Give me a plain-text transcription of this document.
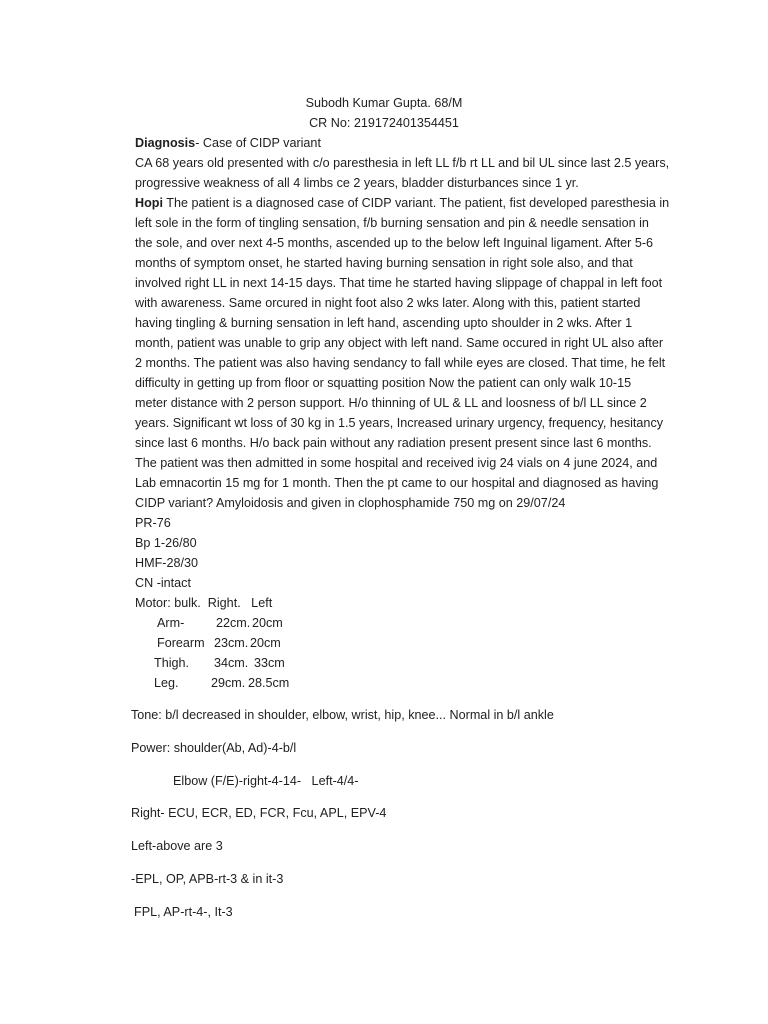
Subodh Kumar Gupta. 68/M
CR No: 219172401354451
Diagnosis- Case of CIDP variant
CA 68 years old presented with c/o paresthesia in left LL f/b rt LL and bil UL since last 2.5 years,
progressive weakness of all 4 limbs ce 2 years, bladder disturbances since 1 yr.
Hopi The patient is a diagnosed case of CIDP variant. The patient, fist developed paresthesia in
left sole in the form of tingling sensation, f/b burning sensation and pin & needle sensation in
the sole, and over next 4-5 months, ascended up to the below left Inguinal ligament. After 5-6
months of symptom onset, he started having burning sensation in right sole also, and that
involved right LL in next 14-15 days. That time he started having slippage of chappal in left foot
with awareness. Same orcured in night foot also 2 wks later. Along with this, patient started
having tingling & burning sensation in left hand, ascending upto shoulder in 2 wks. After 1
month, patient was unable to grip any object with left nand. Same occured in right UL also after
2 months. The patient was also having sendancy to fall while eyes are closed. That time, he felt
difficulty in getting up from floor or squatting position Now the patient can only walk 10-15
meter distance with 2 person support. H/o thinning of UL & LL and loosness of b/l LL since 2
years. Significant wt loss of 30 kg in 1.5 years, Increased urinary urgency, frequency, hesitancy
since last 6 months. H/o back pain without any radiation present present since last 6 months.
The patient was then admitted in some hospital and received ivig 24 vials on 4 june 2024, and
Lab emnacortin 15 mg for 1 month. Then the pt came to our hospital and diagnosed as having
CIDP variant? Amyloidosis and given in clophosphamide 750 mg on 29/07/24
PR-76
Bp 1-26/80
HMF-28/30
CN -intact
Motor: bulk.  Right.   Left
Arm-	22cm. 20cm
Forearm 23cm. 20cm
Thigh. 34cm. 33cm
Leg.	29cm. 28.5cm
Tone: b/l decreased in shoulder, elbow, wrist, hip, knee... Normal in b/l ankle
Power: shoulder(Ab, Ad)-4-b/l
Elbow (F/E)-right-4-14-   Left-4/4-
Right- ECU, ECR, ED, FCR, Fcu, APL, EPV-4
Left-above are 3
-EPL, OP, APB-rt-3 & in it-3
FPL, AP-rt-4-, It-3
